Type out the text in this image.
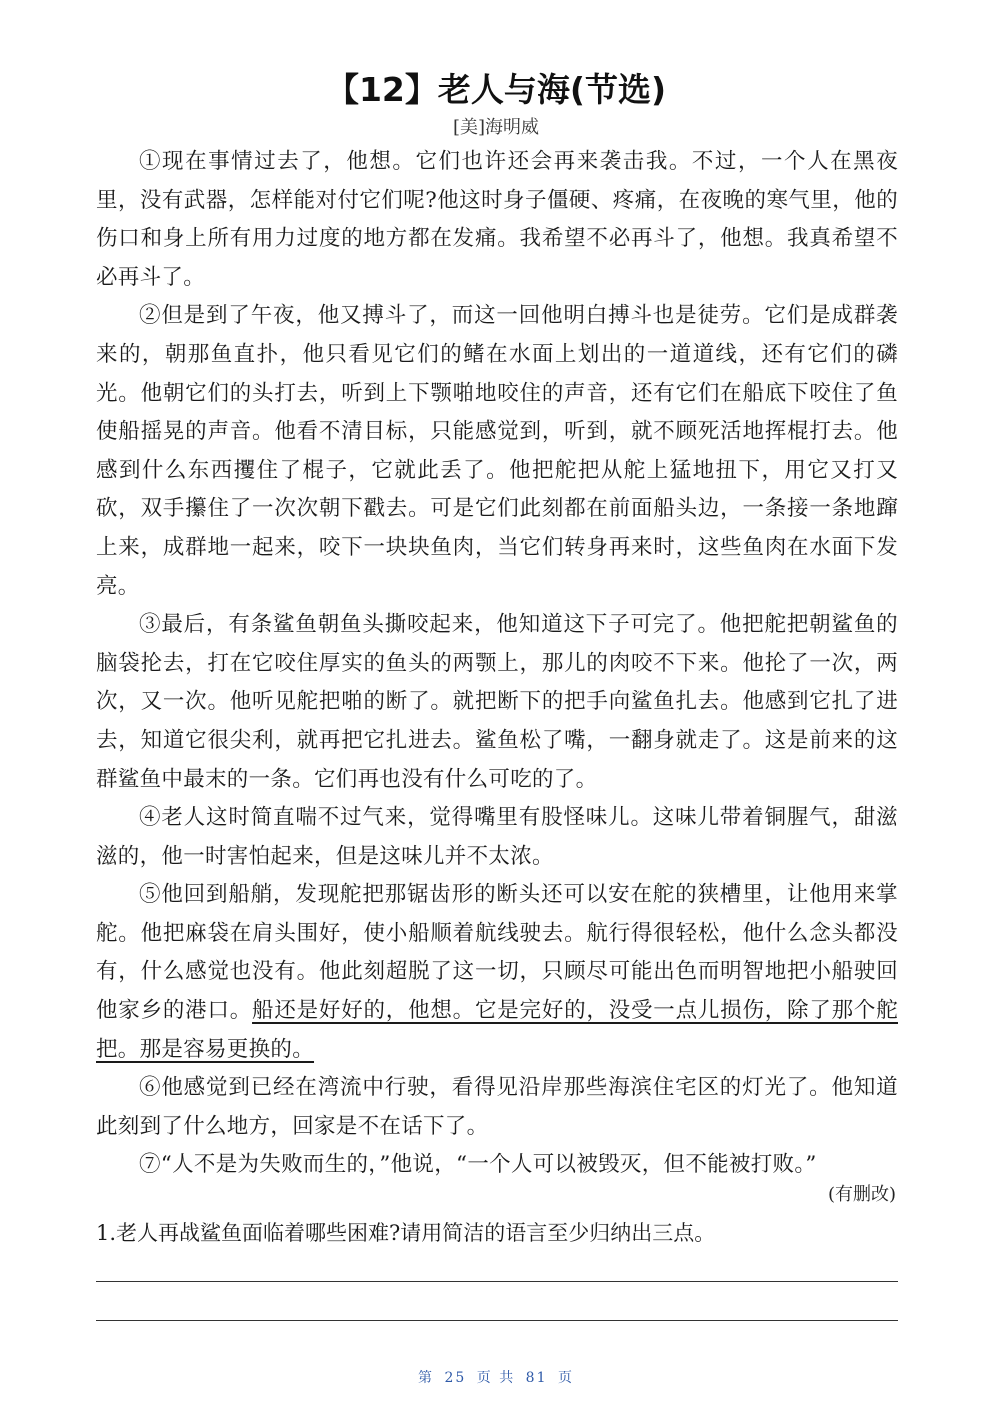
【12】老人与海(节选)
[美]海明威

①现在事情过去了，他想。它们也许还会再来袭击我。不过，一个人在黑夜里，没有武器，怎样能对付它们呢?他这时身子僵硬、疼痛，在夜晚的寒气里，他的伤口和身上所有用力过度的地方都在发痛。我希望不必再斗了，他想。我真希望不必再斗了。

②但是到了午夜，他又搏斗了，而这一回他明白搏斗也是徒劳。它们是成群袭来的，朝那鱼直扑，他只看见它们的鳍在水面上划出的一道道线，还有它们的磷光。他朝它们的头打去，听到上下颚啪地咬住的声音，还有它们在船底下咬住了鱼使船摇晃的声音。他看不清目标，只能感觉到，听到，就不顾死活地挥棍打去。他感到什么东西攫住了棍子，它就此丢了。他把舵把从舵上猛地扭下，用它又打又砍，双手攥住了一次次朝下戳去。可是它们此刻都在前面船头边，一条接一条地蹿上来，成群地一起来，咬下一块块鱼肉，当它们转身再来时，这些鱼肉在水面下发亮。

③最后，有条鲨鱼朝鱼头撕咬起来，他知道这下子可完了。他把舵把朝鲨鱼的脑袋抡去，打在它咬住厚实的鱼头的两颚上，那儿的肉咬不下来。他抡了一次，两次，又一次。他听见舵把啪的断了。就把断下的把手向鲨鱼扎去。他感到它扎了进去，知道它很尖利，就再把它扎进去。鲨鱼松了嘴，一翻身就走了。这是前来的这群鲨鱼中最末的一条。它们再也没有什么可吃的了。

④老人这时简直喘不过气来，觉得嘴里有股怪味儿。这味儿带着铜腥气，甜滋滋的，他一时害怕起来，但是这味儿并不太浓。

⑤他回到船艄，发现舵把那锯齿形的断头还可以安在舵的狭槽里，让他用来掌舵。他把麻袋在肩头围好，使小船顺着航线驶去。航行得很轻松，他什么念头都没有，什么感觉也没有。他此刻超脱了这一切，只顾尽可能出色而明智地把小船驶回他家乡的港口。船还是好好的，他想。它是完好的，没受一点儿损伤，除了那个舵把。那是容易更换的。

⑥他感觉到已经在湾流中行驶，看得见沿岸那些海滨住宅区的灯光了。他知道此刻到了什么地方，回家是不在话下了。

⑦“人不是为失败而生的，”他说，“一个人可以被毁灭，但不能被打败。”

(有删改)
1.老人再战鲨鱼面临着哪些困难?请用简洁的语言至少归纳出三点。
第 25 页 共 81 页
